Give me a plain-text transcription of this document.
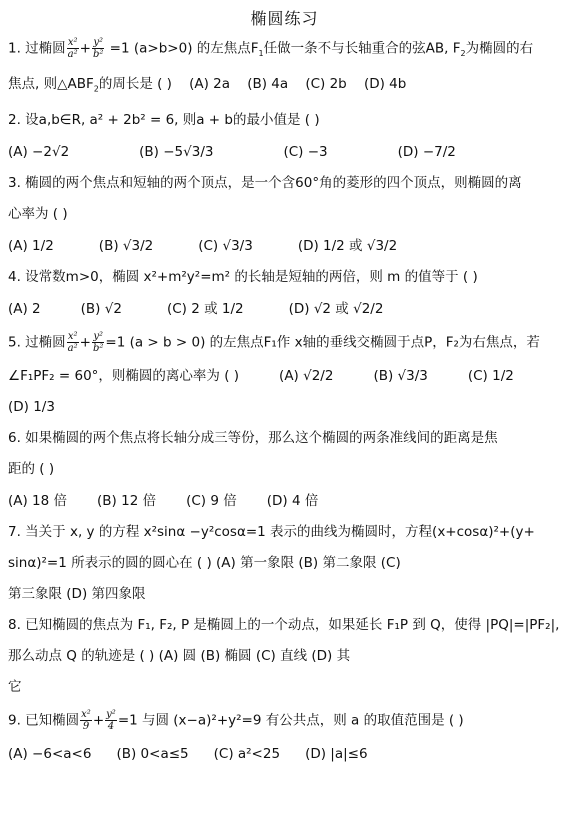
椭圆练习
1. 过椭圆 $\frac{\text{x²}}{\text{a²}} + \frac{\text{y²}}{\text{b²}} =1$ (a>b>0) 的左焦点$F_1$任做一条不与长轴重合的弦AB, $F_2$为椭圆的右
焦点, 则$\triangle ABF_2$的周长是 ( ) (A) 2a (B) 4a (C) 2b (D) 4b
2. 设a,b∈R, a² + 2b² = 6, 则a + b的最小值是 ( )
(A) −2√2	(B) −5√3/3	(C) −3	(D) −7/2
3. 椭圆的两个焦点和短轴的两个顶点，是一个含60°角的菱形的四个顶点，则椭圆的离
心率为 ( )
(A) 1/2	(B) √3/2	(C) √3/3	(D) 1/2 或 √3/2
4. 设常数m>0，椭圆 x²+m²y²=m² 的长轴是短轴的两倍，则 m 的值等于 ( )
(A) 2	(B) √2	(C) 2 或 1/2	(D) √2 或 √2/2
5. 过椭圆 $\frac{\text{x²}}{\text{a²}} + \frac{\text{y²}}{\text{b²}} =1$ (a > b > 0) 的左焦点F₁作 x轴的垂线交椭圆于点P，F₂为右焦点，若
∠F₁PF₂ = 60°，则椭圆的离心率为 ( )	(A) √2/2	(B) √3/3	(C) 1/2
(D) 1/3
6. 如果椭圆的两个焦点将长轴分成三等份，那么这个椭圆的两条准线间的距离是焦
距的 ( )
(A) 18 倍 (B) 12 倍 (C) 9 倍 (D) 4 倍
7. 当关于 x, y 的方程 x²sinα −y²cosα=1 表示的曲线为椭圆时，方程(x+cosα)²+(y+
sinα)²=1 所表示的圆的圆心在 ( ) (A) 第一象限 (B) 第二象限 (C)
第三象限 (D) 第四象限
8. 已知椭圆的焦点为 F₁, F₂, P 是椭圆上的一个动点，如果延长 F₁P 到 Q，使得 |PQ|=|PF₂|,
那么动点 Q 的轨迹是 ( ) (A) 圆 (B) 椭圆 (C) 直线 (D) 其
它
9. 已知椭圆 $\frac{\text{x²}}{9} + \frac{\text{y²}}{4} =1$ 与圆 (x−a)²+y²=9 有公共点，则 a 的取值范围是 ( )
(A) −6<a<6 (B) 0<a≤5 (C) a²<25 (D) |a|≤6
